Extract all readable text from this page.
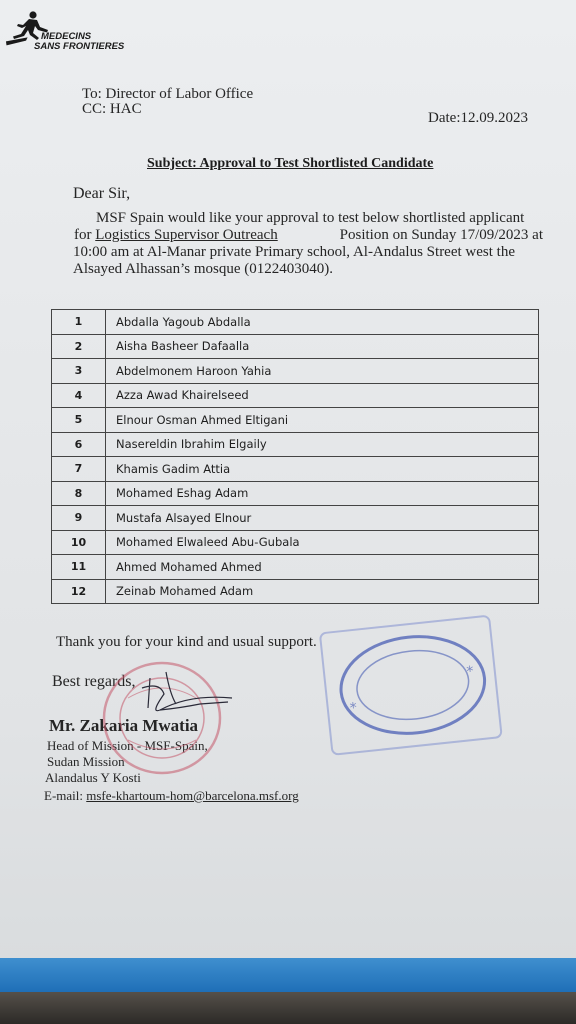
MEDECINS
SANS FRONTIERES
To: Director of Labor Office
CC: HAC
Date:12.09.2023
Subject: Approval to Test Shortlisted Candidate
Dear Sir,
MSF Spain would like your approval to test below shortlisted applicant
for Logistics Supervisor Outreach	Position on Sunday 17/09/2023 at
10:00 am at Al-Manar private Primary school, Al-Andalus Street west the
Alsayed Alhassan’s mosque (0122403040).
1	Abdalla Yagoub Abdalla
2	Aisha Basheer Dafaalla
3	Abdelmonem Haroon Yahia
4	Azza Awad Khairelseed
5	Elnour Osman Ahmed Eltigani
6	Nasereldin Ibrahim Elgaily
7	Khamis Gadim Attia
8	Mohamed Eshag Adam
9	Mustafa Alsayed Elnour
10	Mohamed Elwaleed Abu-Gubala
11	Ahmed Mohamed Ahmed
12	Zeinab Mohamed Adam
Thank you for your kind and usual support.
Best regards,
Mr. Zakaria Mwatia
Head of Mission - MSF-Spain,
Sudan Mission
Alandalus Y Kosti
E-mail: msfe-khartoum-hom@barcelona.msf.org
*
*
